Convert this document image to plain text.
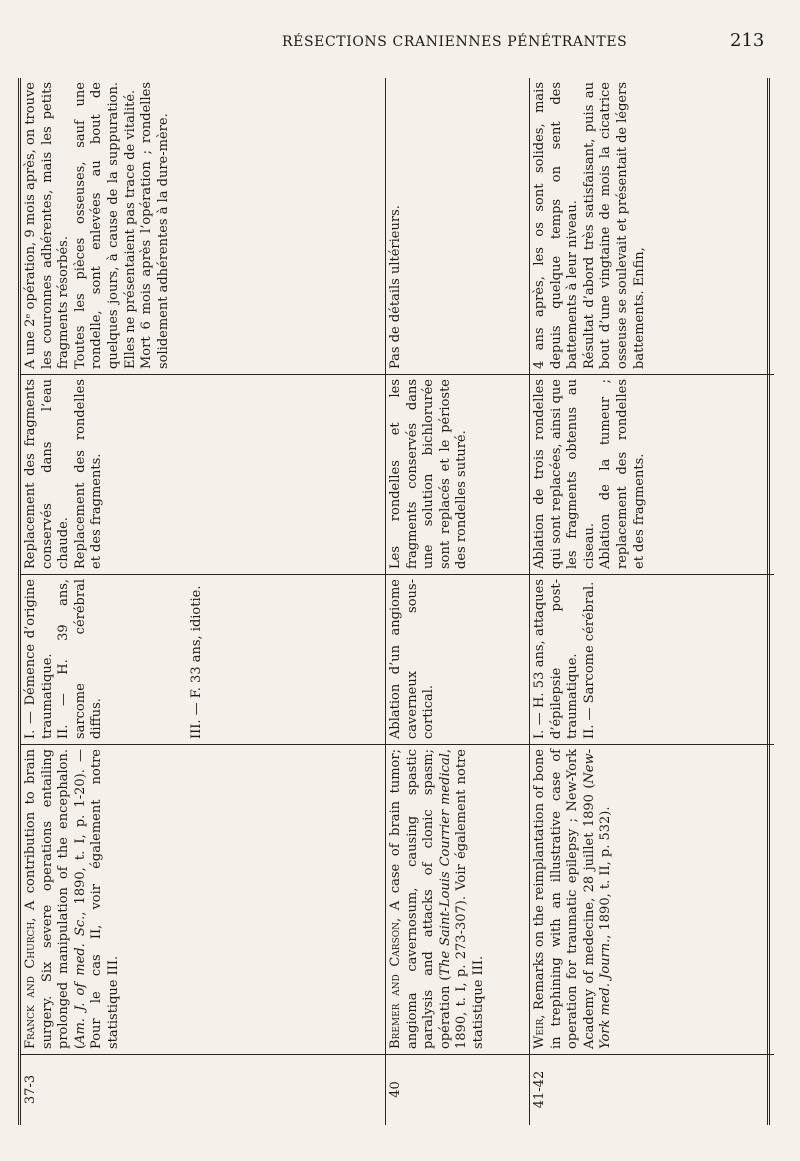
RÉSECTIONS CRANIENNES PÉNÉTRANTES	213
37-3
Franck and Church, A contribution to brain surgery. Six severe operations entailing prolonged manipulation of the encephalon. (Am. J. of med. Sc., 1890, t. I, p. 1-20). — Pour le cas II, voir également notre statistique III.
I. — Démence d’origine traumatique. II. — H. 39 ans, sarcome cérébral diffus.	III. — F. 33 ans, idiotie.
Replacement des fragments conservés dans l’eau chaude. Replacement des rondelles et des fragments.
A une 2ᵉ opération, 9 mois après, on trouve les couronnes adhérentes, mais les petits fragments résorbés. Toutes les pièces osseuses, sauf une rondelle, sont enlevées au bout de quelques jours, à cause de la suppuration. Elles ne présentaient pas trace de vitalité. Mort 6 mois après l’opération ; rondelles solidement adhérentes à la dure-mère.
40
Bremer and Carson, A case of brain tumor; angioma cavernosum, causing spastic paralysis and attacks of clonic spasm; opération (The Saint-Louis Courrier medical, 1890, t. I, p. 273-307). Voir également notre statistique III.
Ablation d’un angiome caverneux sous-cortical.
Les rondelles et les fragments conservés dans une solution bichlorurée sont replacés et le périoste des rondelles suturé.
Pas de détails ultérieurs.
41-42
Weir, Remarks on the reimplantation of bone in trephining with an illustrative case of operation for traumatic epilepsy ; New-York Academy of medecine, 28 juillet 1890 (New-York med. Journ., 1890, t. II, p. 532).
I. — H. 53 ans, attaques d’épilepsie post-traumatique. II. — Sarcome cérébral.
Ablation de trois rondelles qui sont replacées, ainsi que les fragments obtenus au ciseau. Ablation de la tumeur ; replacement des rondelles et des fragments.
4 ans après, les os sont solides, mais depuis quelque temps on sent des battements à leur niveau. Résultat d’abord très satisfaisant, puis au bout d’une vingtaine de mois la cicatrice osseuse se soulevait et présentait de légers battements. Enfin,
